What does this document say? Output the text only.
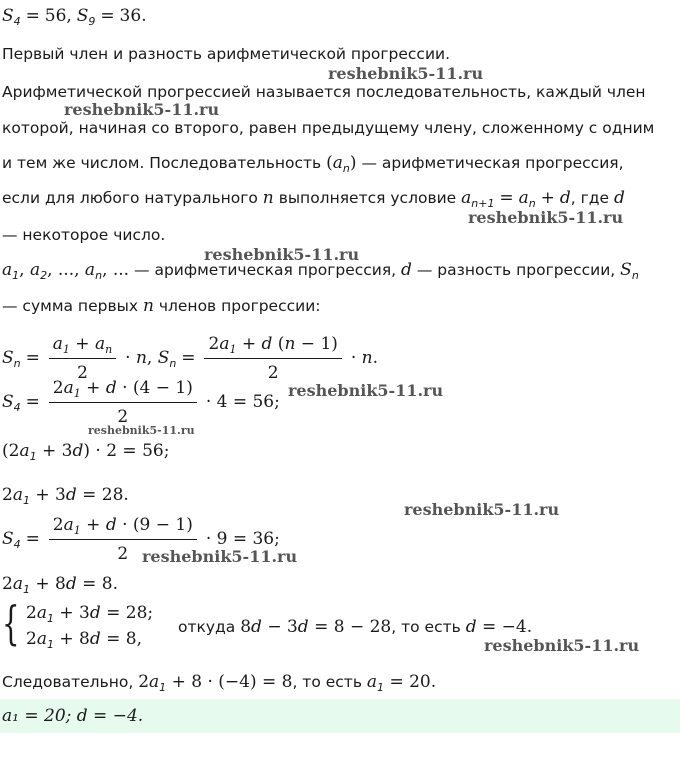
$S_4 = 56$, $S_9 = 36$.
Первый член и разность арифметической прогрессии.
Арифметической прогрессией называется последовательность, каждый член
которой, начиная со второго, равен предыдущему члену, сложенному с одним
и тем же числом. Последовательность $(a_n)$ — арифметическая прогрессия,
если для любого натурального n выполняется условие $a_{n+1} = a_n + d$, где d
— некоторое число.
$a_1$, $a_2$, ..., $a_n$, ... — арифметическая прогрессия, d — разность прогрессии, $S_n$
— сумма первых n членов прогрессии:
$S_n = \frac{a_1 + a_n}{2} \cdot n$, $S_n = \frac{2a_1 + d (n - 1)}{2} \cdot n$.
$S_4 = \frac{2a_1 + d \cdot (4 - 1)}{2} \cdot 4 = 56$;
$(2a_1 + 3d) \cdot 2 = 56$;
$2a_1 + 3d = 28$.
$S_4 = \frac{2a_1 + d \cdot (9 - 1)}{2} \cdot 9 = 36$;
$2a_1 + 8d = 8$.
{ $2a_1 + 3d = 28$;
$2a_1 + 8d = 8$,
откуда 8d − 3d = 8 − 28, то есть d = −4.
Следовательно, $2a_1 + 8 \cdot (-4) = 8$, то есть $a_1 = 20$.
a₁ = 20; d = −4.
reshebnik5-11.ru
reshebnik5-11.ru
reshebnik5-11.ru
reshebnik5-11.ru
reshebnik5-11.ru
reshebnik5-11.ru
reshebnik5-11.ru
reshebnik5-11.ru
reshebnik5-11.ru
